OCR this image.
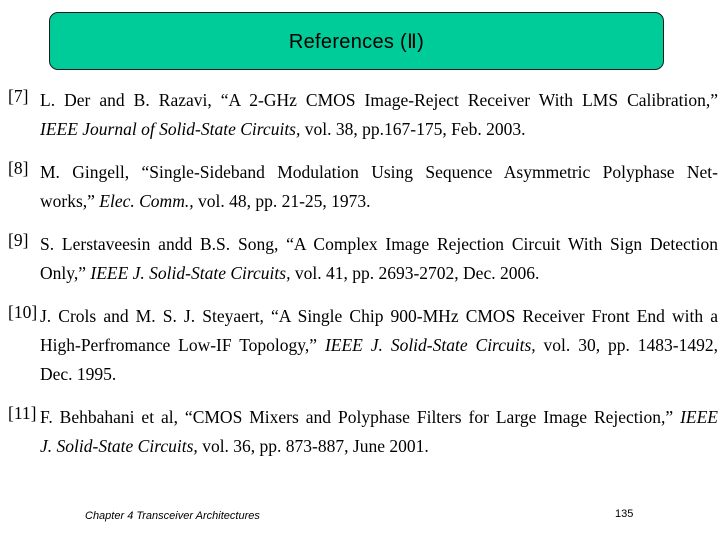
References (Ⅱ)
[7] L. Der and B. Razavi, “A 2-GHz CMOS Image-Reject Receiver With LMS Calibration,”
IEEE Journal of Solid-State Circuits, vol. 38, pp.167-175, Feb. 2003.
[8] M. Gingell, “Single-Sideband Modulation Using Sequence Asymmetric Polyphase Net-
works,” Elec. Comm., vol. 48, pp. 21-25, 1973.
[9] S. Lerstaveesin andd B.S. Song, “A Complex Image Rejection Circuit With Sign Detection
Only,” IEEE J. Solid-State Circuits, vol. 41, pp. 2693-2702, Dec. 2006.
[10] J. Crols and M. S. J. Steyaert, “A Single Chip 900-MHz CMOS Receiver Front End with a
High-Perfromance Low-IF Topology,” IEEE J. Solid-State Circuits, vol. 30, pp. 1483-1492,
Dec. 1995.
[11] F. Behbahani et al, “CMOS Mixers and Polyphase Filters for Large Image Rejection,” IEEE
J. Solid-State Circuits, vol. 36, pp. 873-887, June 2001.
Chapter 4 Transceiver Architectures	135
